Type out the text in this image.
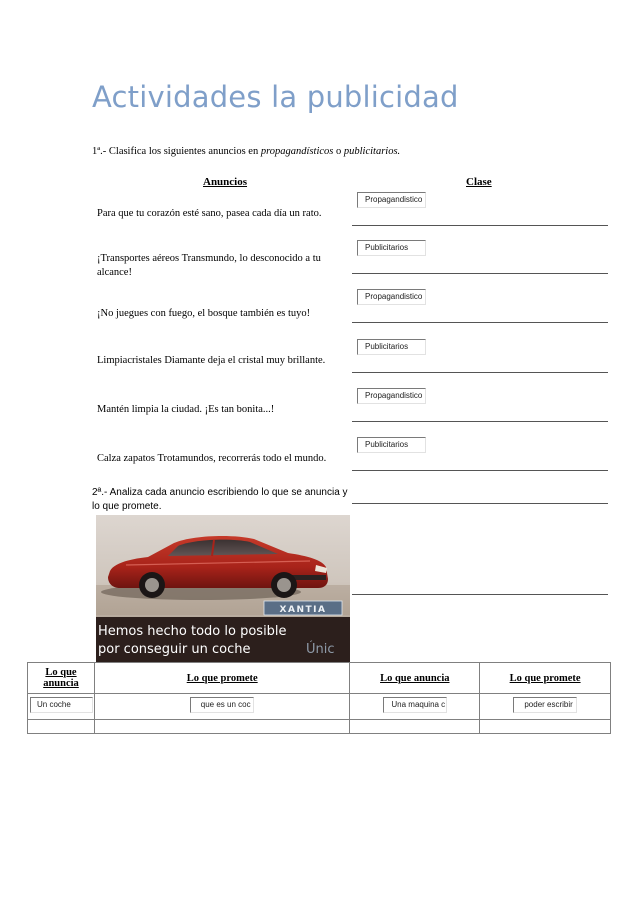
Actividades la publicidad
1ª.- Clasifica los siguientes anuncios en propagandísticos o publicitarios.
Anuncios	Clase
Para que tu corazón esté sano, pasea cada día un rato.
Propagandistico
¡Transportes aéreos Transmundo, lo desconocido a tu alcance!
Publicitarios
¡No juegues con fuego, el bosque también es tuyo!
Propagandistico
Limpiacristales Diamante deja el cristal muy brillante.
Publicitarios
Mantén limpia la ciudad. ¡Es tan bonita...!
Propagandistico
Calza zapatos Trotamundos, recorrerás todo el mundo.
Publicitarios
2ª.- Analiza cada anuncio escribiendo lo que se anuncia y lo que promete.
XANTIA
Hemos hecho todo lo posible
por conseguir un coche	Únic
Lo que anuncia	Lo que promete	Lo que anuncia	Lo que promete
Un coche	que es un coc	Una maquina c	poder escribir
